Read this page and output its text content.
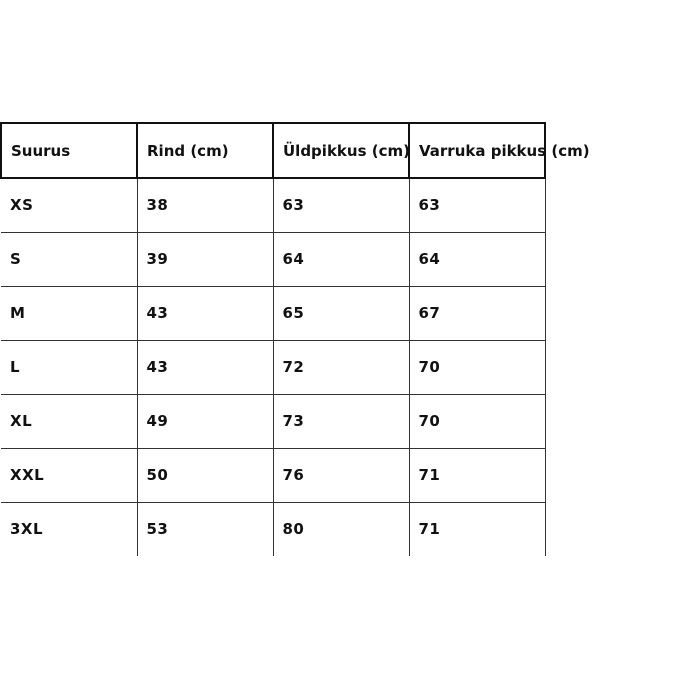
Suurus	Rind (cm)	Üldpikkus (cm)	Varruka pikkus (cm)
XS	38	63	63
S	39	64	64
M	43	65	67
L	43	72	70
XL	49	73	70
XXL	50	76	71
3XL	53	80	71
